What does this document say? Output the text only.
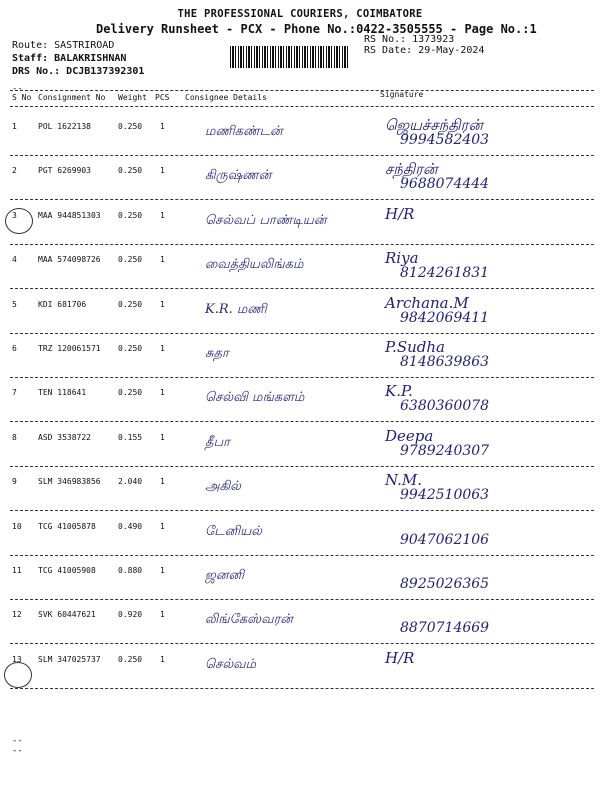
THE PROFESSIONAL COURIERS, COIMBATORE
Delivery Runsheet - PCX - Phone No.:0422-3505555 - Page No.:1
Route: SASTRIROAD
Staff: BALAKRISHNAN
DRS No.: DCJB137392301
RS No.: 1373923
RS Date: 29-May-2024
--
S No Consignment No Weight PCS Consignee Details	Signature
1	POL 1622138	0.250 1	மணிகண்டன்	ஜெயச்சந்திரன்
9994582403
2	PGT 6269903	0.250 1	கிருஷ்ணன்	சந்திரன்
9688074444
3	MAA 944851303 0.250 1	செல்வப் பாண்டியன்	H/R
4	MAA 574098726 0.250 1	வைத்தியலிங்கம்	Riya
8124261831
5	KDI 681706	0.250 1	K.R. மணி	Archana.M
9842069411
6	TRZ 120061571 0.250 1	சுதா	P.Sudha
8148639863
7	TEN 118641	0.250 1	செல்வி மங்களம்	K.P.
6380360078
8	ASD 3538722	0.155 1	தீபா	Deepa
9789240307
9	SLM 346983856 2.040 1	அகில்	N.M.
9942510063
10 TCG 41005878	0.490 1	டேனியல்
9047062106
11 TCG 41005908	0.880 1	ஜனனி
8925026365
12 SVK 60447621	0.920 1	லிங்கேஸ்வரன்
8870714669
13 SLM 347025737 0.250 1	செல்வம்	H/R
--
--
